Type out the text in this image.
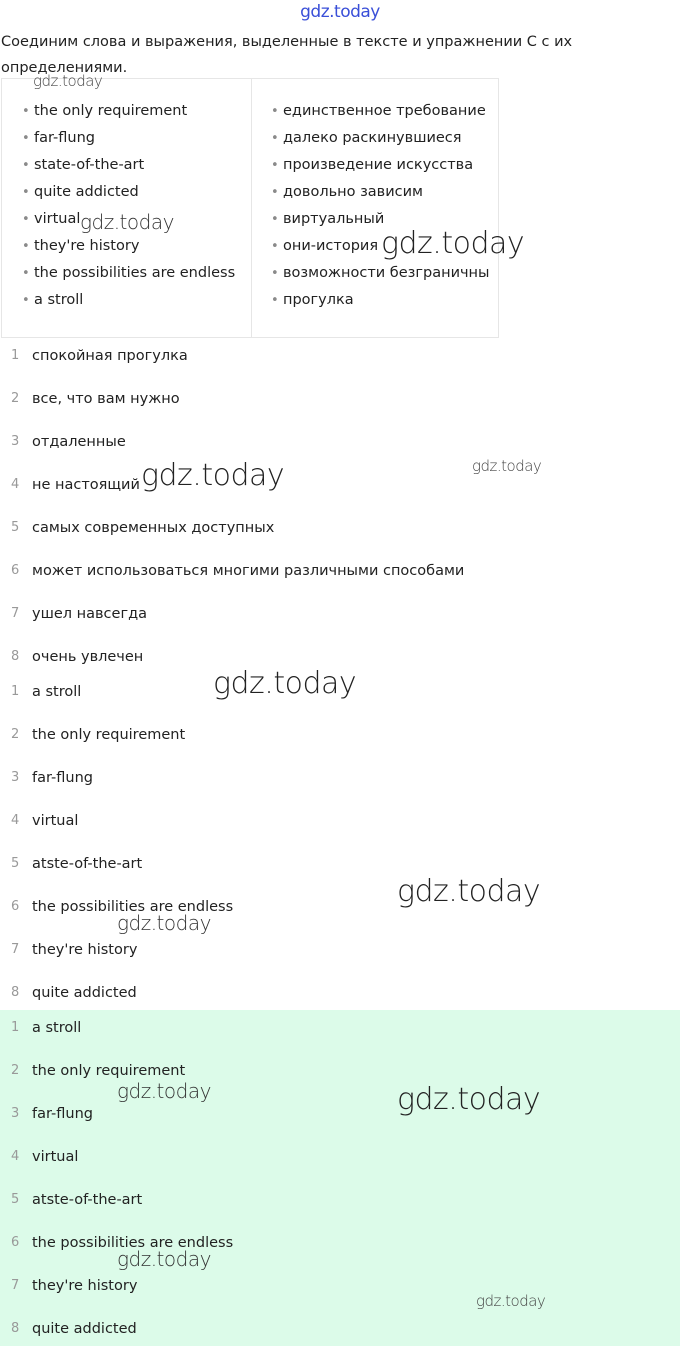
gdz.today
Соединим слова и выражения, выделенные в тексте и упражнении C с их определениями.
• the only requirement
• far-flung
• state-of-the-art
• quite addicted
• virtual
• they're history
• the possibilities are endless
• a stroll
• единственное требование
• далеко раскинувшиеся
• произведение искусства
• довольно зависим
• виртуальный
• они-история
• возможности безграничны
• прогулка
1 спокойная прогулка
2 все, что вам нужно
3 отдаленные
4 не настоящий
5 самых современных доступных
6 может использоваться многими различными способами
7 ушел навсегда
8 очень увлечен
1 a stroll
2 the only requirement
3 far-flung
4 virtual
5 atste-of-the-art
6 the possibilities are endless
7 they're history
8 quite addicted
1 a stroll
2 the only requirement
3 far-flung
4 virtual
5 atste-of-the-art
6 the possibilities are endless
7 they're history
8 quite addicted
gdz.today
gdz.today
gdz.today
gdz.today	gdz.today
gdz.today
gdz.today
gdz.today
gdz.today	gdz.today
gdz.today
gdz.today
